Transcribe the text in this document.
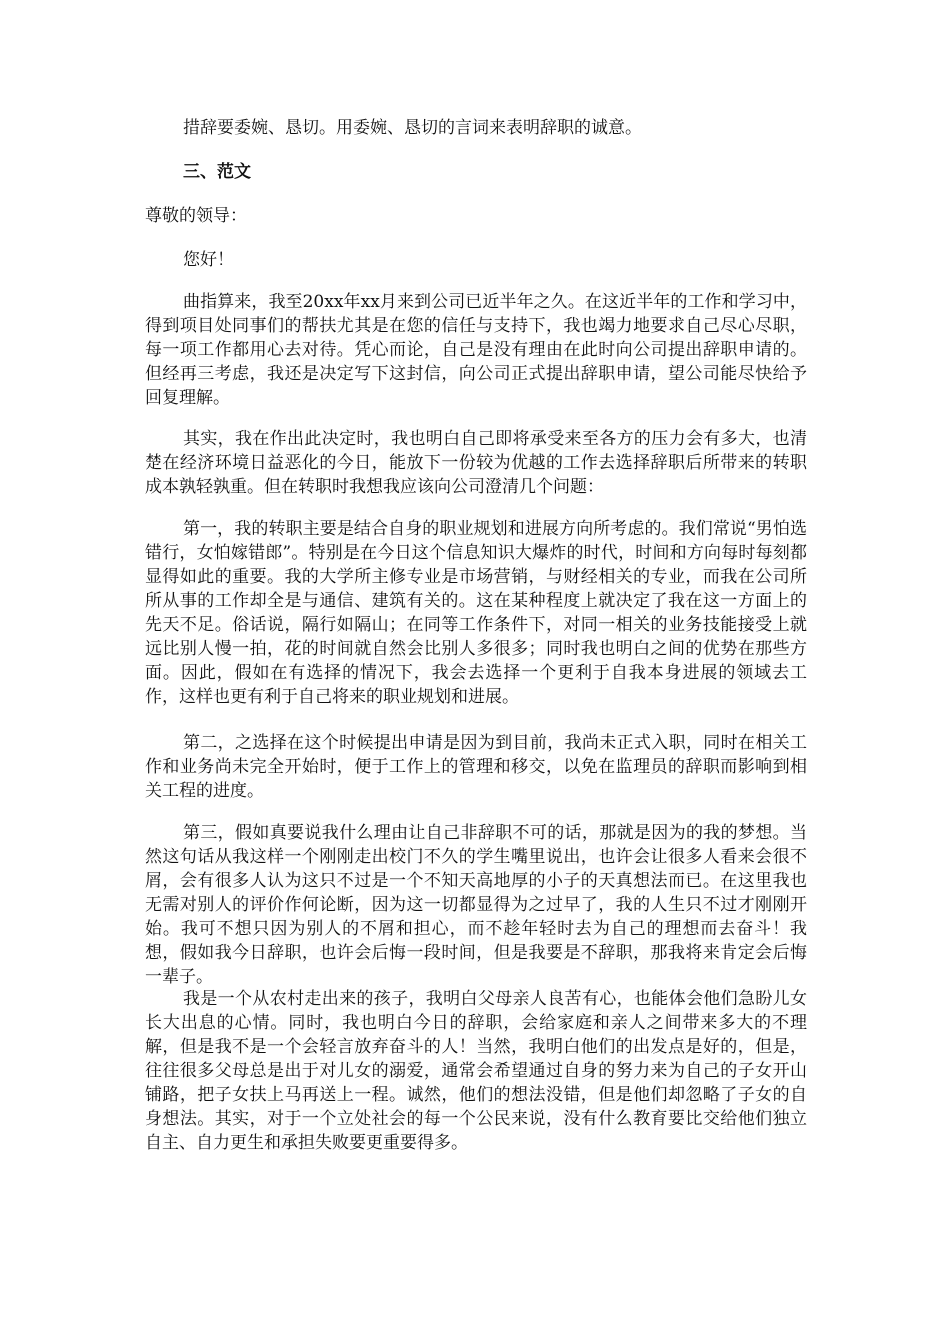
措辞要委婉、恳切。用委婉、恳切的言词来表明辞职的诚意。

三、范文

尊敬的领导：

您好！

曲指算来，我至20xx年xx月来到公司已近半年之久。在这近半年的工作和学习中，得到项目处同事们的帮扶尤其是在您的信任与支持下，我也竭力地要求自己尽心尽职，每一项工作都用心去对待。凭心而论，自己是没有理由在此时向公司提出辞职申请的。但经再三考虑，我还是决定写下这封信，向公司正式提出辞职申请，望公司能尽快给予回复理解。

其实，我在作出此决定时，我也明白自己即将承受来至各方的压力会有多大，也清楚在经济环境日益恶化的今日，能放下一份较为优越的工作去选择辞职后所带来的转职成本孰轻孰重。但在转职时我想我应该向公司澄清几个问题：

第一，我的转职主要是结合自身的职业规划和进展方向所考虑的。我们常说“男怕选错行，女怕嫁错郎”。特别是在今日这个信息知识大爆炸的时代，时间和方向每时每刻都显得如此的重要。我的大学所主修专业是市场营销，与财经相关的专业，而我在公司所所从事的工作却全是与通信、建筑有关的。这在某种程度上就决定了我在这一方面上的先天不足。俗话说，隔行如隔山；在同等工作条件下，对同一相关的业务技能接受上就远比别人慢一拍，花的时间就自然会比别人多很多；同时我也明白之间的优势在那些方面。因此，假如在有选择的情况下，我会去选择一个更利于自我本身进展的领域去工作，这样也更有利于自己将来的职业规划和进展。

第二，之选择在这个时候提出申请是因为到目前，我尚未正式入职，同时在相关工作和业务尚未完全开始时，便于工作上的管理和移交，以免在监理员的辞职而影响到相关工程的进度。

第三，假如真要说我什么理由让自己非辞职不可的话，那就是因为的我的梦想。当然这句话从我这样一个刚刚走出校门不久的学生嘴里说出，也许会让很多人看来会很不屑，会有很多人认为这只不过是一个不知天高地厚的小子的天真想法而已。在这里我也无需对别人的评价作何论断，因为这一切都显得为之过早了，我的人生只不过才刚刚开始。我可不想只因为别人的不屑和担心，而不趁年轻时去为自己的理想而去奋斗！我想，假如我今日辞职，也许会后悔一段时间，但是我要是不辞职，那我将来肯定会后悔一辈子。

我是一个从农村走出来的孩子，我明白父母亲人良苦有心，也能体会他们急盼儿女长大出息的心情。同时，我也明白今日的辞职，会给家庭和亲人之间带来多大的不理解，但是我不是一个会轻言放弃奋斗的人！当然，我明白他们的出发点是好的，但是，往往很多父母总是出于对儿女的溺爱，通常会希望通过自身的努力来为自己的子女开山铺路，把子女扶上马再送上一程。诚然，他们的想法没错，但是他们却忽略了子女的自身想法。其实，对于一个立处社会的每一个公民来说，没有什么教育要比交给他们独立自主、自力更生和承担失败要更重要得多。
